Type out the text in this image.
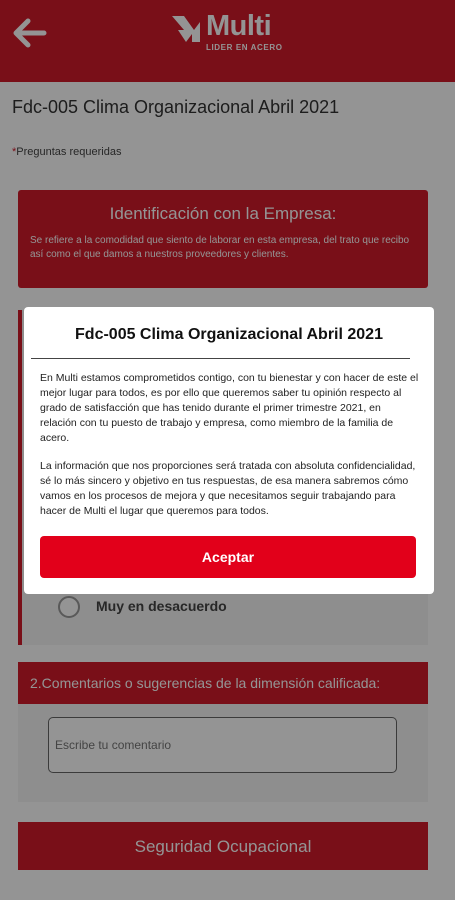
Multi
LIDER EN ACERO
Fdc-005 Clima Organizacional Abril 2021
*Preguntas requeridas
Identificación con la Empresa:
Se refiere a la comodidad que siento de laborar en esta empresa, del trato que recibo así como el que damos a nuestros proveedores y clientes.
Muy en desacuerdo
2.Comentarios o sugerencias de la dimensión calificada:
Escribe tu comentario
Seguridad Ocupacional
Fdc-005 Clima Organizacional Abril 2021
En Multi estamos comprometidos contigo, con tu bienestar y con hacer de este el mejor lugar para todos, es por ello que queremos saber tu opinión respecto al grado de satisfacción que has tenido durante el primer trimestre 2021, en relación con tu puesto de trabajo y empresa, como miembro de la familia de acero.
La información que nos proporciones será tratada con absoluta confidencialidad, sé lo más sincero y objetivo en tus respuestas, de esa manera sabremos cómo vamos en los procesos de mejora y que necesitamos seguir trabajando para hacer de Multi el lugar que queremos para todos.
Aceptar
